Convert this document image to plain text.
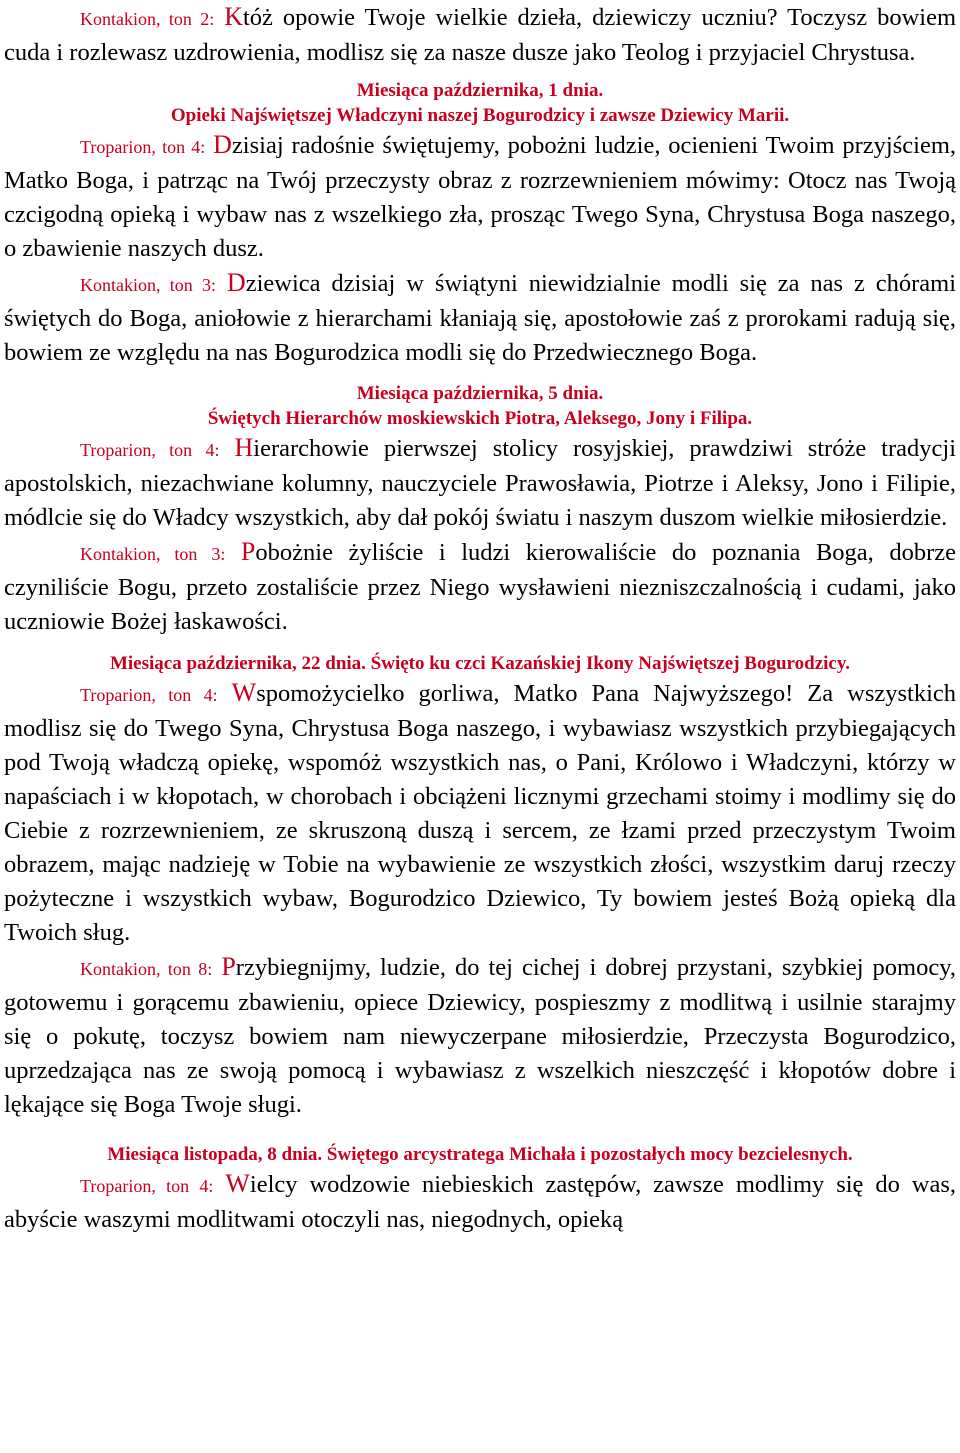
Kontakion, ton 2: Któż opowie Twoje wielkie dzieła, dziewiczy uczniu? Toczysz bowiem cuda i rozlewasz uzdrowienia, modlisz się za nasze dusze jako Teolog i przyjaciel Chrystusa.

Miesiąca października, 1 dnia.
Opieki Najświętszej Władczyni naszej Bogurodzicy i zawsze Dziewicy Marii.

Troparion, ton 4: Dzisiaj radośnie świętujemy, pobożni ludzie, ocienieni Twoim przyjściem, Matko Boga, i patrząc na Twój przeczysty obraz z rozrzewnieniem mówimy: Otocz nas Twoją czcigodną opieką i wybaw nas z wszelkiego zła, prosząc Twego Syna, Chrystusa Boga naszego, o zbawienie naszych dusz.

Kontakion, ton 3: Dziewica dzisiaj w świątyni niewidzialnie modli się za nas z chórami świętych do Boga, aniołowie z hierarchami kłaniają się, apostołowie zaś z prorokami radują się, bowiem ze względu na nas Bogurodzica modli się do Przedwiecznego Boga.

Miesiąca października, 5 dnia.
Świętych Hierarchów moskiewskich Piotra, Aleksego, Jony i Filipa.

Troparion, ton 4: Hierarchowie pierwszej stolicy rosyjskiej, prawdziwi stróże tradycji apostolskich, niezachwiane kolumny, nauczyciele Prawosławia, Piotrze i Aleksy, Jono i Filipie, módlcie się do Władcy wszystkich, aby dał pokój światu i naszym duszom wielkie miłosierdzie.

Kontakion, ton 3: Pobożnie żyliście i ludzi kierowaliście do poznania Boga, dobrze czyniliście Bogu, przeto zostaliście przez Niego wysławieni niezniszczalnością i cudami, jako uczniowie Bożej łaskawości.

Miesiąca października, 22 dnia. Święto ku czci Kazańskiej Ikony Najświętszej Bogurodzicy.

Troparion, ton 4: Wspomożycielko gorliwa, Matko Pana Najwyższego! Za wszystkich modlisz się do Twego Syna, Chrystusa Boga naszego, i wybawiasz wszystkich przybiegających pod Twoją władczą opiekę, wspomóż wszystkich nas, o Pani, Królowo i Władczyni, którzy w napaściach i w kłopotach, w chorobach i obciążeni licznymi grzechami stoimy i modlimy się do Ciebie z rozrzewnieniem, ze skruszoną duszą i sercem, ze łzami przed przeczystym Twoim obrazem, mając nadzieję w Tobie na wybawienie ze wszystkich złości, wszystkim daruj rzeczy pożyteczne i wszystkich wybaw, Bogurodzico Dziewico, Ty bowiem jesteś Bożą opieką dla Twoich sług.

Kontakion, ton 8: Przybiegnijmy, ludzie, do tej cichej i dobrej przystani, szybkiej pomocy, gotowemu i gorącemu zbawieniu, opiece Dziewicy, pospieszmy z modlitwą i usilnie starajmy się o pokutę, toczysz bowiem nam niewyczerpane miłosierdzie, Przeczysta Bogurodzico, uprzedzająca nas ze swoją pomocą i wybawiasz z wszelkich nieszczęść i kłopotów dobre i lękające się Boga Twoje sługi.

Miesiąca listopada, 8 dnia. Świętego arcystratega Michała i pozostałych mocy bezcielesnych.

Troparion, ton 4: Wielcy wodzowie niebieskich zastępów, zawsze modlimy się do was, abyście waszymi modlitwami otoczyli nas, niegodnych, opieką
